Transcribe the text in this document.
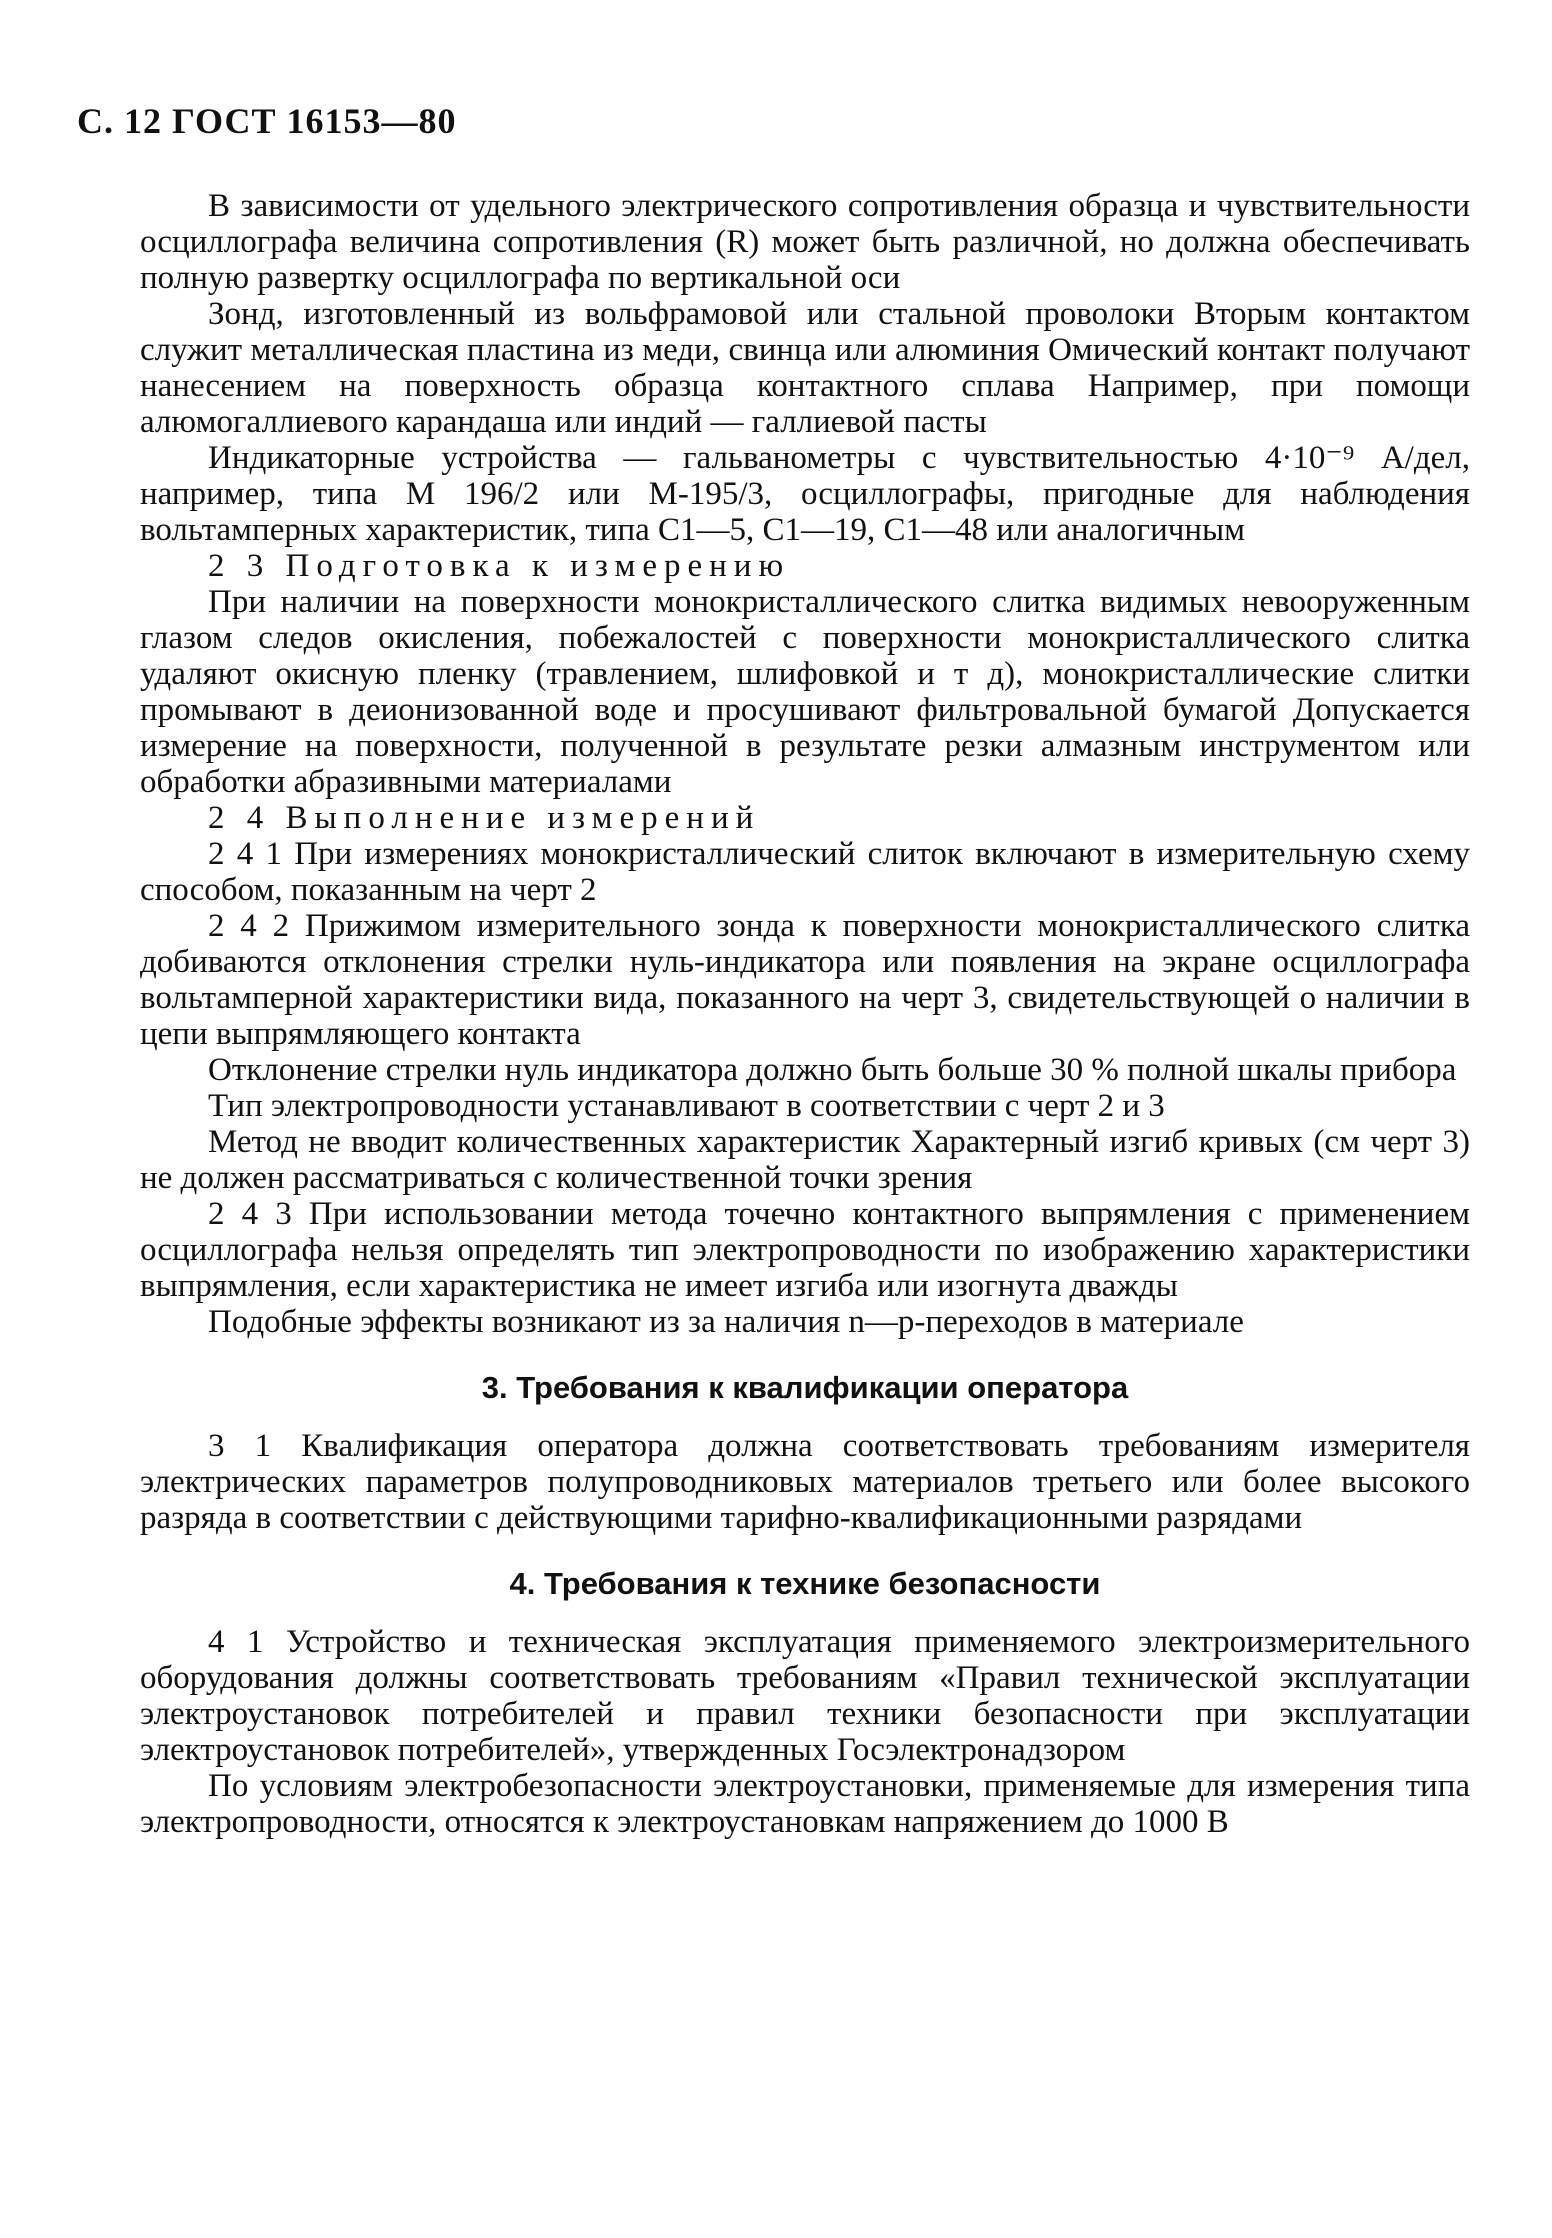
С. 12 ГОСТ 16153—80

В зависимости от удельного электрического сопротивления образца и чувствительности осциллографа величина сопротивления (R) может быть различной, но должна обеспечивать полную развертку осциллографа по вертикальной оси

Зонд, изготовленный из вольфрамовой или стальной проволоки Вторым контактом служит металлическая пластина из меди, свинца или алюминия Омический контакт получают нанесением на поверхность образца контактного сплава Например, при помощи алюмогаллиевого карандаша или индий — галлиевой пасты

Индикаторные устройства — гальванометры с чувствительностью 4·10⁻⁹ А/дел, например, типа М 196/2 или М-195/3, осциллографы, пригодные для наблюдения вольтамперных характеристик, типа С1—5, С1—19, С1—48 или аналогичным

2 3 Подготовка к измерению

При наличии на поверхности монокристаллического слитка видимых невооруженным глазом следов окисления, побежалостей с поверхности монокристаллического слитка удаляют окисную пленку (травлением, шлифовкой и т д), монокристаллические слитки промывают в деионизованной воде и просушивают фильтровальной бумагой Допускается измерение на поверхности, полученной в результате резки алмазным инструментом или обработки абразивными материалами

2 4 Выполнение измерений

2 4 1 При измерениях монокристаллический слиток включают в измерительную схему способом, показанным на черт 2

2 4 2 Прижимом измерительного зонда к поверхности монокристаллического слитка добиваются отклонения стрелки нуль-индикатора или появления на экране осциллографа вольтамперной характеристики вида, показанного на черт 3, свидетельствующей о наличии в цепи выпрямляющего контакта

Отклонение стрелки нуль индикатора должно быть больше 30 % полной шкалы прибора

Тип электропроводности устанавливают в соответствии с черт 2 и 3

Метод не вводит количественных характеристик Характерный изгиб кривых (см черт 3) не должен рассматриваться с количественной точки зрения

2 4 3 При использовании метода точечно контактного выпрямления с применением осциллографа нельзя определять тип электропроводности по изображению характеристики выпрямления, если характеристика не имеет изгиба или изогнута дважды

Подобные эффекты возникают из за наличия n—p-переходов в материале

3. Требования к квалификации оператора

3 1 Квалификация оператора должна соответствовать требованиям измерителя электрических параметров полупроводниковых материалов третьего или более высокого разряда в соответствии с действующими тарифно-квалификационными разрядами

4. Требования к технике безопасности

4 1 Устройство и техническая эксплуатация применяемого электроизмерительного оборудования должны соответствовать требованиям «Правил технической эксплуатации электроустановок потребителей и правил техники безопасности при эксплуатации электроустановок потребителей», утвержденных Госэлектронадзором

По условиям электробезопасности электроустановки, применяемые для измерения типа электропроводности, относятся к электроустановкам напряжением до 1000 В
